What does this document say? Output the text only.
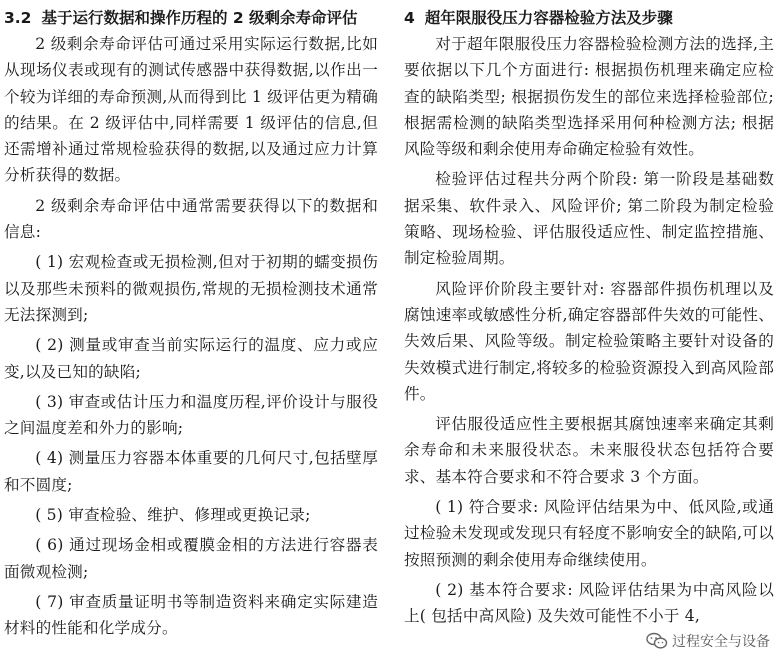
3.2 基于运行数据和操作历程的 2 级剩余寿命评估

2 级剩余寿命评估可通过采用实际运行数据,比如从现场仪表或现有的测试传感器中获得数据,以作出一个较为详细的寿命预测,从而得到比 1 级评估更为精确的结果。在 2 级评估中,同样需要 1 级评估的信息,但还需增补通过常规检验获得的数据,以及通过应力计算分析获得的数据。

2 级剩余寿命评估中通常需要获得以下的数据和信息:

( 1) 宏观检查或无损检测,但对于初期的蠕变损伤以及那些未预料的微观损伤,常规的无损检测技术通常无法探测到;

( 2) 测量或审查当前实际运行的温度、应力或应变,以及已知的缺陷;

( 3) 审查或估计压力和温度历程,评价设计与服役之间温度差和外力的影响;

( 4) 测量压力容器本体重要的几何尺寸,包括壁厚和不圆度;

( 5) 审查检验、维护、修理或更换记录;

( 6) 通过现场金相或覆膜金相的方法进行容器表面微观检测;

( 7) 审查质量证明书等制造资料来确定实际建造材料的性能和化学成分。

4 超年限服役压力容器检验方法及步骤

对于超年限服役压力容器检验检测方法的选择,主要依据以下几个方面进行: 根据损伤机理来确定应检查的缺陷类型; 根据损伤发生的部位来选择检验部位; 根据需检测的缺陷类型选择采用何种检测方法; 根据风险等级和剩余使用寿命确定检验有效性。

检验评估过程共分两个阶段: 第一阶段是基础数据采集、软件录入、风险评价; 第二阶段为制定检验策略、现场检验、评估服役适应性、制定监控措施、制定检验周期。

风险评价阶段主要针对: 容器部件损伤机理以及腐蚀速率或敏感性分析,确定容器部件失效的可能性、失效后果、风险等级。制定检验策略主要针对设备的失效模式进行制定,将较多的检验资源投入到高风险部件。

评估服役适应性主要根据其腐蚀速率来确定其剩余寿命和未来服役状态。未来服役状态包括符合要求、基本符合要求和不符合要求 3 个方面。

( 1) 符合要求: 风险评估结果为中、低风险,或通过检验未发现或发现只有轻度不影响安全的缺陷,可以按照预测的剩余使用寿命继续使用。

( 2) 基本符合要求: 风险评估结果为中高风险以上( 包括中高风险) 及失效可能性不小于 4,

过程安全与设备
